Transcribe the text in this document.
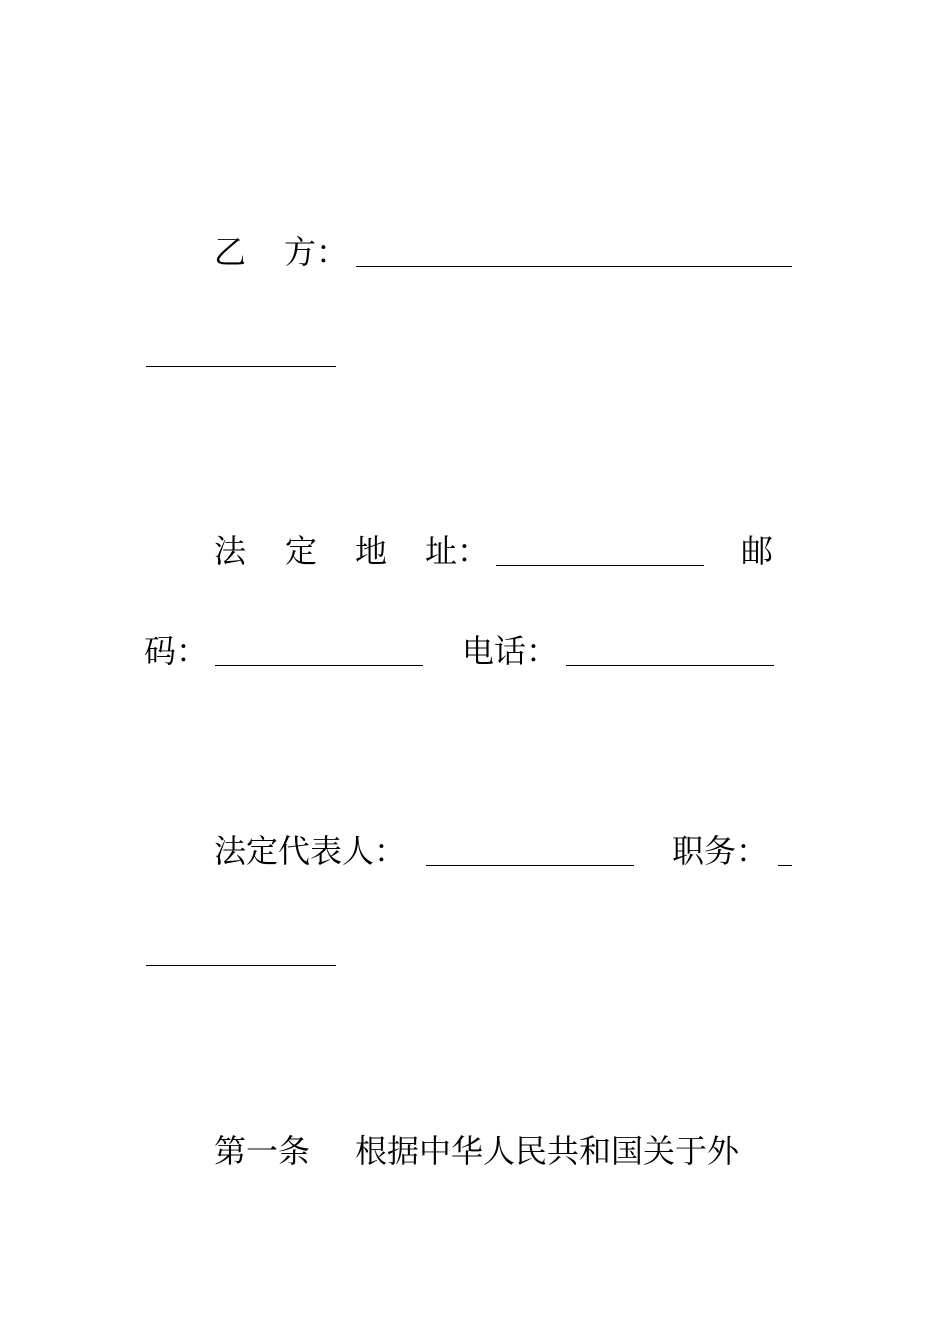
乙 方：
法 定 地 址：	邮
码：	电话：
法定代表人：	职务：
第一条 根据中华人民共和国关于外
